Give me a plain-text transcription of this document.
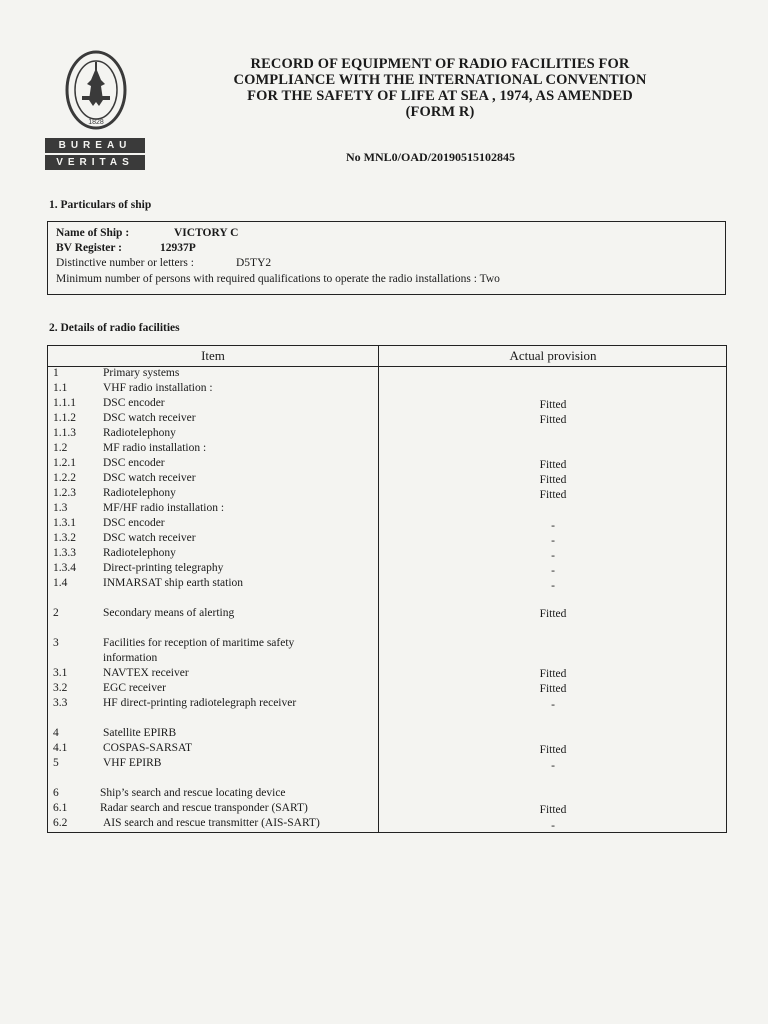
1828
BUREAU
VERITAS
RECORD OF EQUIPMENT OF RADIO FACILITIES FOR
COMPLIANCE WITH THE INTERNATIONAL CONVENTION
FOR THE SAFETY OF LIFE AT SEA , 1974, AS AMENDED
(FORM R)
No MNL0/OAD/20190515102845
1. Particulars of ship
Name of Ship :	VICTORY C
BV Register :	12937P
Distinctive number or letters :	D5TY2
Minimum number of persons with required qualifications to operate the radio installations : Two
2. Details of radio facilities
Item	Actual provision
1	Primary systems
1.1	VHF radio installation :
1.1.1 DSC encoder	Fitted
1.1.2 DSC watch receiver	Fitted
1.1.3 Radiotelephony
1.2	MF radio installation :
1.2.1 DSC encoder	Fitted
1.2.2 DSC watch receiver	Fitted
1.2.3 Radiotelephony	Fitted
1.3	MF/HF radio installation :
1.3.1 DSC encoder	-
1.3.2 DSC watch receiver	-
1.3.3 Radiotelephony	-
1.3.4 Direct-printing telegraphy	-
1.4	INMARSAT ship earth station	-
2	Secondary means of alerting	Fitted
3	Facilities for reception of maritime safety information
3.1	NAVTEX receiver	Fitted
3.2	EGC receiver	Fitted
3.3	HF direct-printing radiotelegraph receiver	-
4	Satellite EPIRB
4.1	COSPAS-SARSAT	Fitted
5	VHF EPIRB	-
6	Ship’s search and rescue locating device
6.1	Radar search and rescue transponder (SART)	Fitted
6.2	AIS search and rescue transmitter (AIS-SART)	-
